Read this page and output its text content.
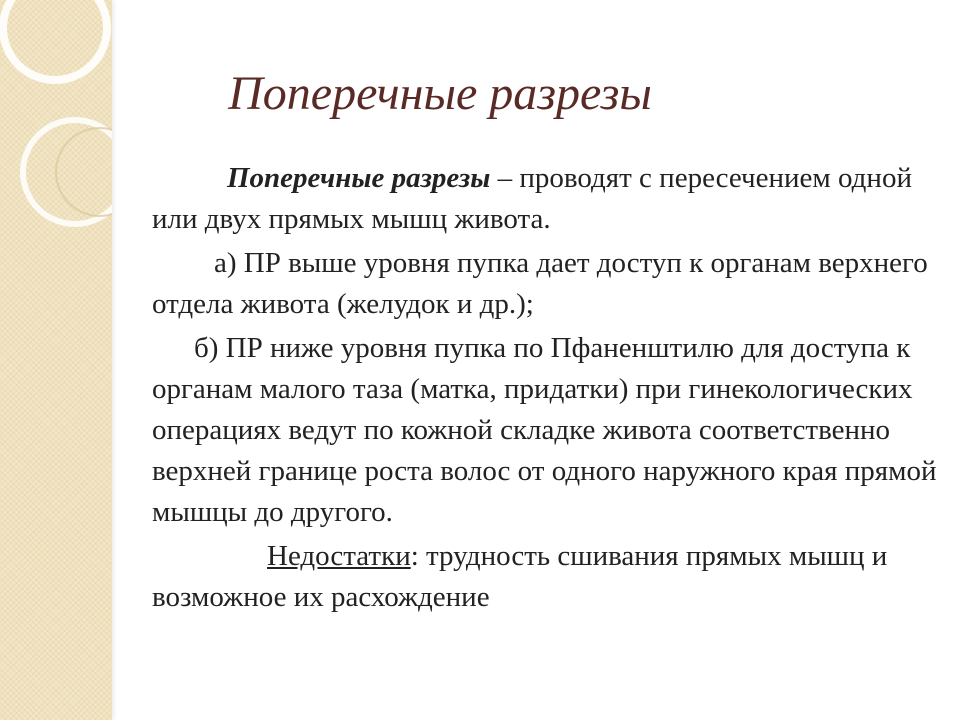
Поперечные разрезы

Поперечные разрезы – проводят с пересечением одной или двух прямых мышц живота.

а) ПР выше уровня пупка дает доступ к органам верхнего отдела живота (желудок и др.);

б) ПР ниже уровня пупка по Пфаненштилю для доступа к органам малого таза (матка, придатки) при гинекологических операциях ведут по кожной складке живота соответственно верхней границе роста волос от одного наружного края прямой мышцы до другого.

Недостатки: трудность сшивания прямых мышц и возможное их расхождение
